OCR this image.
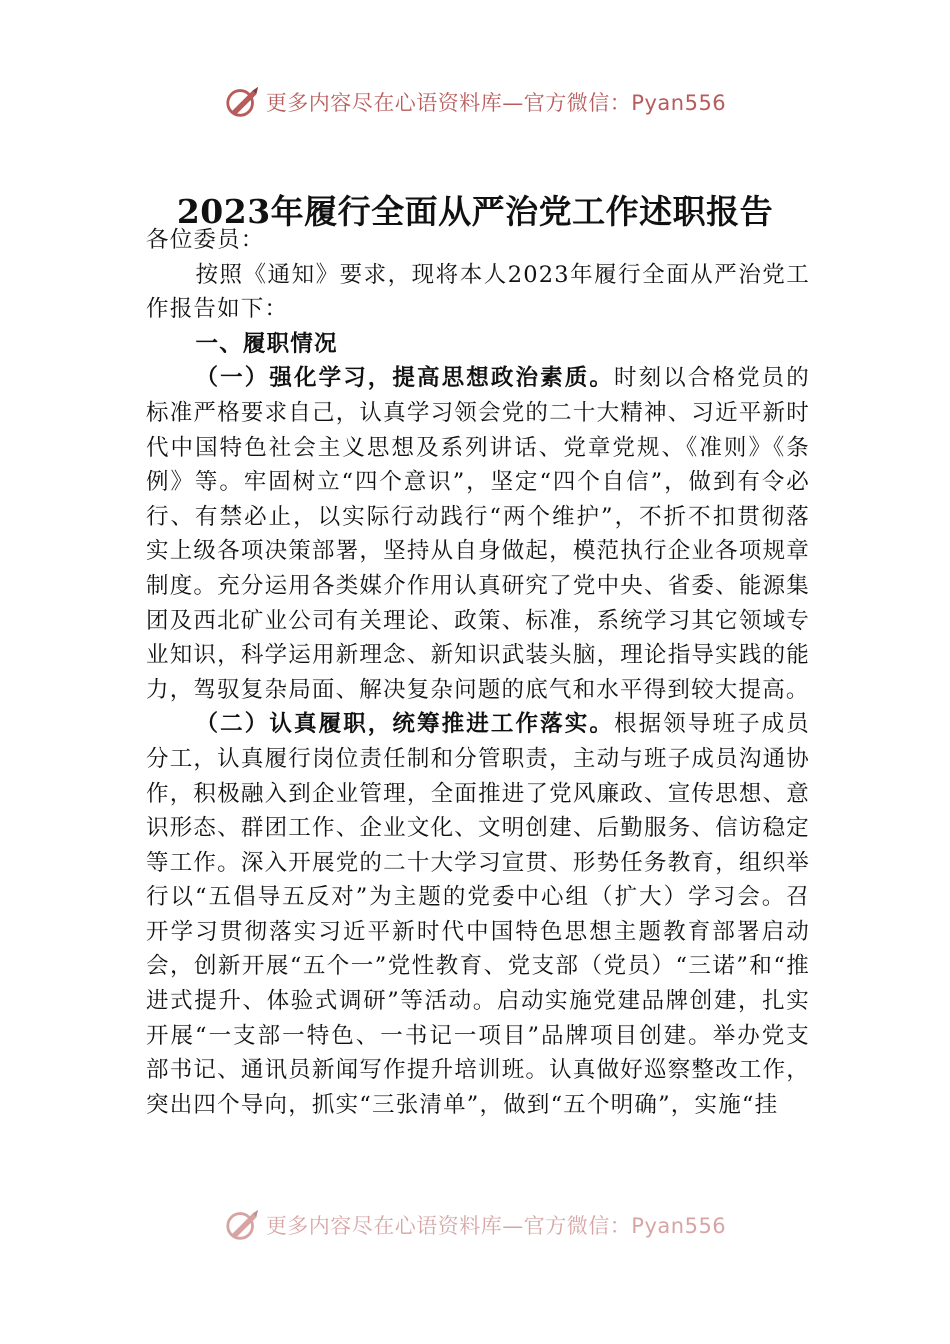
更多内容尽在心语资料库—官方微信：Pyan556
2023年履行全面从严治党工作述职报告

各位委员：

按照《通知》要求，现将本人2023年履行全面从严治党工作报告如下：

一、履职情况

（一）强化学习，提高思想政治素质。时刻以合格党员的标准严格要求自己，认真学习领会党的二十大精神、习近平新时代中国特色社会主义思想及系列讲话、党章党规、《准则》《条例》等。牢固树立“四个意识”，坚定“四个自信”，做到有令必行、有禁必止，以实际行动践行“两个维护”，不折不扣贯彻落实上级各项决策部署，坚持从自身做起，模范执行企业各项规章制度。充分运用各类媒介作用认真研究了党中央、省委、能源集团及西北矿业公司有关理论、政策、标准，系统学习其它领域专业知识，科学运用新理念、新知识武装头脑，理论指导实践的能力，驾驭复杂局面、解决复杂问题的底气和水平得到较大提高。

（二）认真履职，统筹推进工作落实。根据领导班子成员分工，认真履行岗位责任制和分管职责，主动与班子成员沟通协作，积极融入到企业管理，全面推进了党风廉政、宣传思想、意识形态、群团工作、企业文化、文明创建、后勤服务、信访稳定等工作。深入开展党的二十大学习宣贯、形势任务教育，组织举行以“五倡导五反对”为主题的党委中心组（扩大）学习会。召开学习贯彻落实习近平新时代中国特色思想主题教育部署启动会，创新开展“五个一”党性教育、党支部（党员）“三诺”和“推进式提升、体验式调研”等活动。启动实施党建品牌创建，扎实开展“一支部一特色、一书记一项目”品牌项目创建。举办党支部书记、通讯员新闻写作提升培训班。认真做好巡察整改工作，突出四个导向，抓实“三张清单”，做到“五个明确”，实施“挂

更多内容尽在心语资料库—官方微信：Pyan556
